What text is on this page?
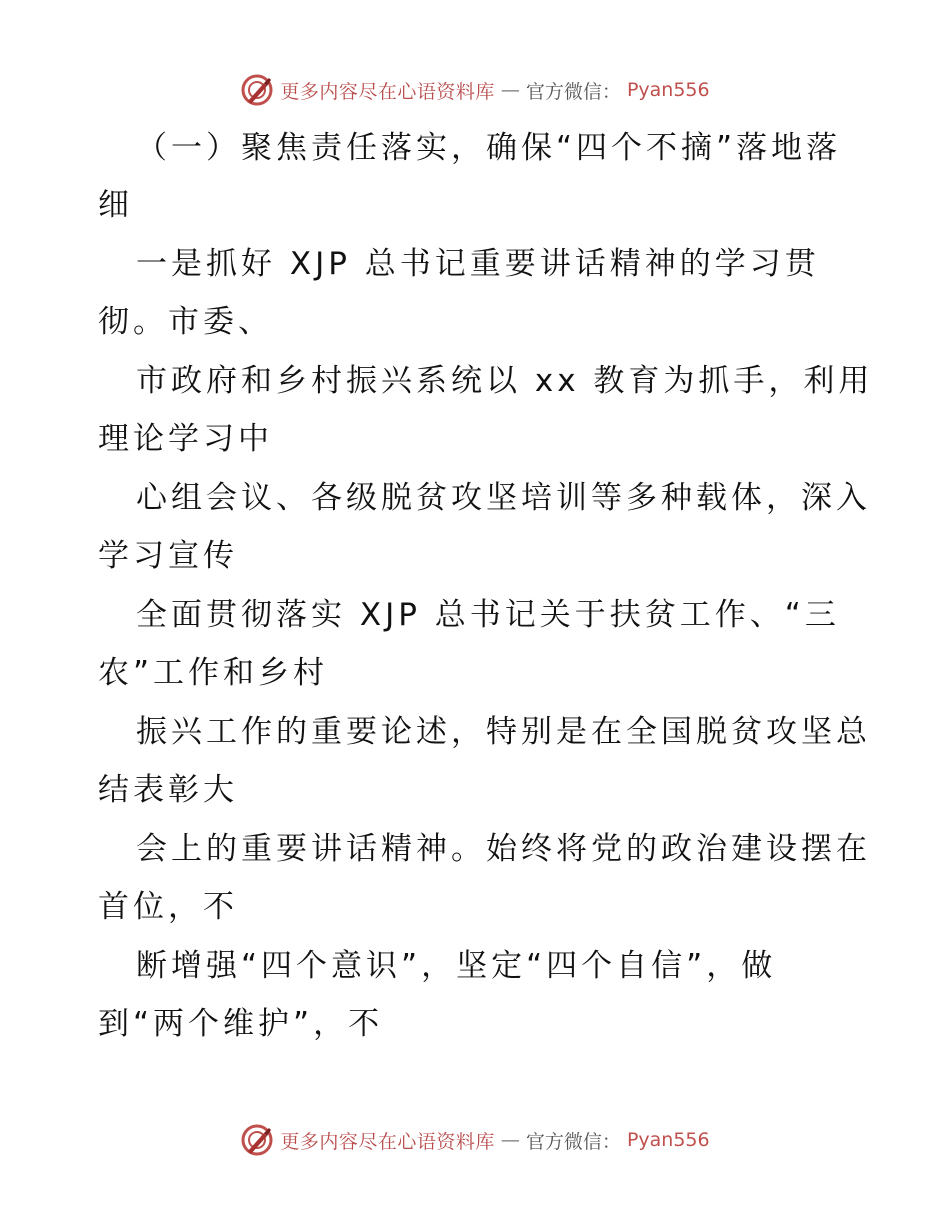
更多内容尽在心语资料库 — 官方微信： Pyan556
（一）聚焦责任落实，确保“四个不摘”落地落
细
一是抓好 XJP 总书记重要讲话精神的学习贯
彻。市委、
市政府和乡村振兴系统以 xx 教育为抓手，利用
理论学习中
心组会议、各级脱贫攻坚培训等多种载体，深入
学习宣传
全面贯彻落实 XJP 总书记关于扶贫工作、“三
农”工作和乡村
振兴工作的重要论述，特别是在全国脱贫攻坚总
结表彰大
会上的重要讲话精神。始终将党的政治建设摆在
首位，不
断增强“四个意识”，坚定“四个自信”，做
到“两个维护”，不
更多内容尽在心语资料库 — 官方微信： Pyan556
